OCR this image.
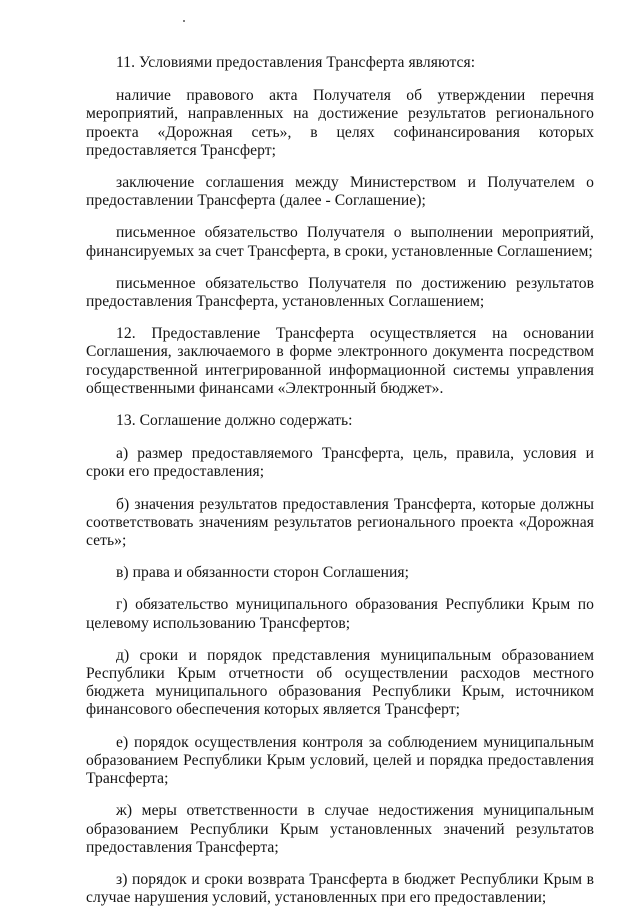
11. Условиями предоставления Трансферта являются:

наличие правового акта Получателя об утверждении перечня мероприятий, направленных на достижение результатов регионального проекта «Дорожная сеть», в целях софинансирования которых предоставляется Трансферт;

заключение соглашения между Министерством и Получателем о предоставлении Трансферта (далее - Соглашение);

письменное обязательство Получателя о выполнении мероприятий, финансируемых за счет Трансферта, в сроки, установленные Соглашением;

письменное обязательство Получателя по достижению результатов предоставления Трансферта, установленных Соглашением;

12. Предоставление Трансферта осуществляется на основании Соглашения, заключаемого в форме электронного документа посредством государственной интегрированной информационной системы управления общественными финансами «Электронный бюджет».

13. Соглашение должно содержать:

а) размер предоставляемого Трансферта, цель, правила, условия и сроки его предоставления;

б) значения результатов предоставления Трансферта, которые должны соответствовать значениям результатов регионального проекта «Дорожная сеть»;

в) права и обязанности сторон Соглашения;

г) обязательство муниципального образования Республики Крым по целевому использованию Трансфертов;

д) сроки и порядок представления муниципальным образованием Республики Крым отчетности об осуществлении расходов местного бюджета муниципального образования Республики Крым, источником финансового обеспечения которых является Трансферт;

е) порядок осуществления контроля за соблюдением муниципальным образованием Республики Крым условий, целей и порядка предоставления Трансферта;

ж) меры ответственности в случае недостижения муниципальным образованием Республики Крым установленных значений результатов предоставления Трансферта;

з) порядок и сроки возврата Трансферта в бюджет Республики Крым в случае нарушения условий, установленных при его предоставлении;
